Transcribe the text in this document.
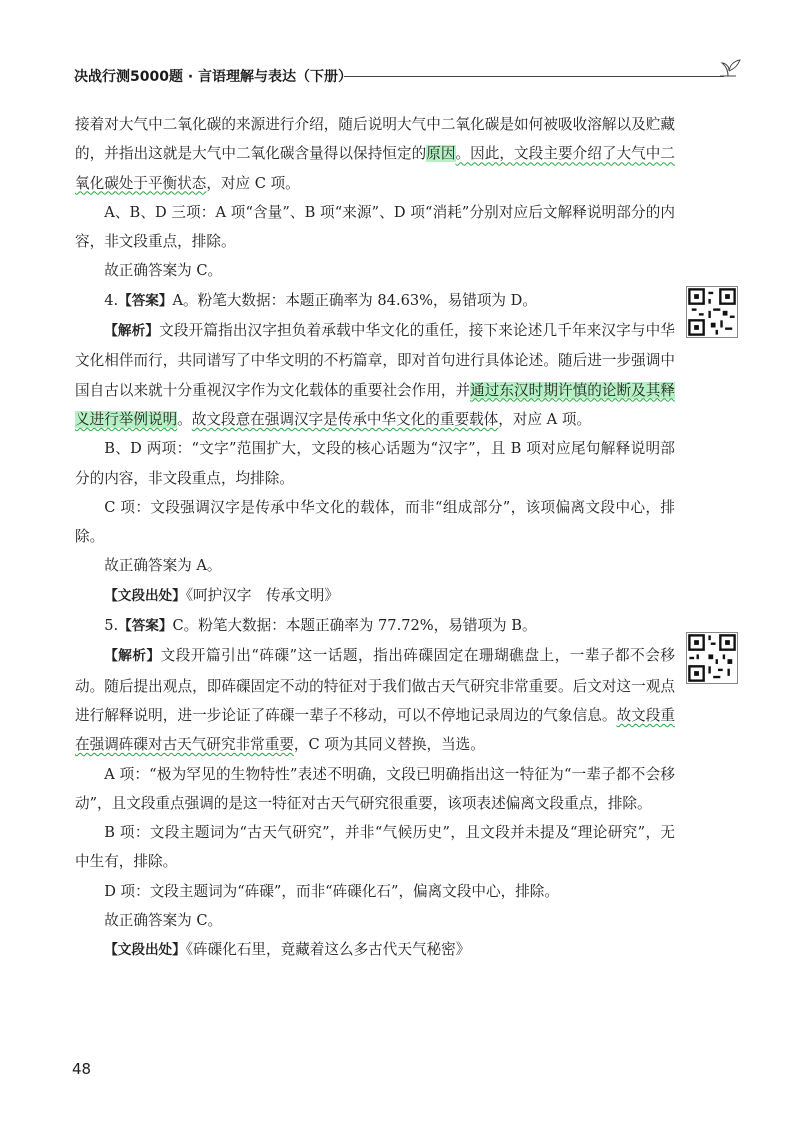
决战行测5000题 · 言语理解与表达（下册）

接着对大气中二氧化碳的来源进行介绍，随后说明大气中二氧化碳是如何被吸收溶解以及贮藏的，并指出这就是大气中二氧化碳含量得以保持恒定的原因。因此，文段主要介绍了大气中二氧化碳处于平衡状态，对应 C 项。

A、B、D 三项：A 项“含量”、B 项“来源”、D 项“消耗”分别对应后文解释说明部分的内容，非文段重点，排除。

故正确答案为 C。

4.【答案】A。粉笔大数据：本题正确率为 84.63%，易错项为 D。

【解析】文段开篇指出汉字担负着承载中华文化的重任，接下来论述几千年来汉字与中华文化相伴而行，共同谱写了中华文明的不朽篇章，即对首句进行具体论述。随后进一步强调中国自古以来就十分重视汉字作为文化载体的重要社会作用，并通过东汉时期许慎的论断及其释义进行举例说明。故文段意在强调汉字是传承中华文化的重要载体，对应 A 项。

B、D 两项：“文字”范围扩大，文段的核心话题为“汉字”，且 B 项对应尾句解释说明部分的内容，非文段重点，均排除。

C 项：文段强调汉字是传承中华文化的载体，而非“组成部分”，该项偏离文段中心，排除。

故正确答案为 A。

【文段出处】《呵护汉字　传承文明》

5.【答案】C。粉笔大数据：本题正确率为 77.72%，易错项为 B。

【解析】文段开篇引出“砗磲”这一话题，指出砗磲固定在珊瑚礁盘上，一辈子都不会移动。随后提出观点，即砗磲固定不动的特征对于我们做古天气研究非常重要。后文对这一观点进行解释说明，进一步论证了砗磲一辈子不移动，可以不停地记录周边的气象信息。故文段重在强调砗磲对古天气研究非常重要，C 项为其同义替换，当选。

A 项：“极为罕见的生物特性”表述不明确，文段已明确指出这一特征为“一辈子都不会移动”，且文段重点强调的是这一特征对古天气研究很重要，该项表述偏离文段重点，排除。

B 项：文段主题词为“古天气研究”，并非“气候历史”，且文段并未提及“理论研究”，无中生有，排除。

D 项：文段主题词为“砗磲”，而非“砗磲化石”，偏离文段中心，排除。

故正确答案为 C。

【文段出处】《砗磲化石里，竟藏着这么多古代天气秘密》

48
